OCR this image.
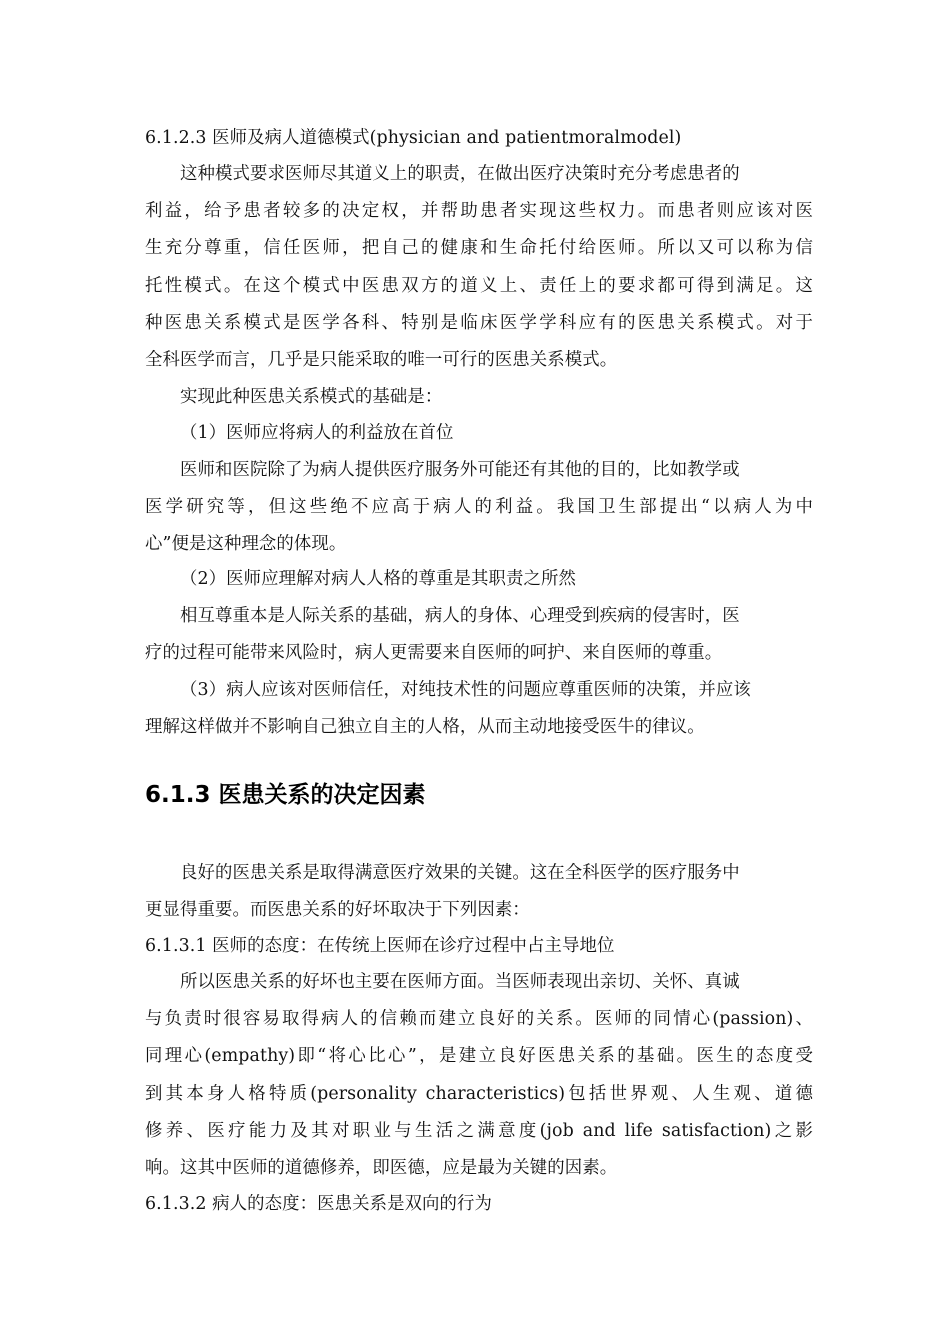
6.1.2.3 医师及病人道德模式(physician and patientmoralmodel)
这种模式要求医师尽其道义上的职责，在做出医疗决策时充分考虑患者的
利益，给予患者较多的决定权，并帮助患者实现这些权力。而患者则应该对医
生充分尊重，信任医师，把自己的健康和生命托付给医师。所以又可以称为信
托性模式。在这个模式中医患双方的道义上、责任上的要求都可得到满足。这
种医患关系模式是医学各科、特别是临床医学学科应有的医患关系模式。对于
全科医学而言，几乎是只能采取的唯一可行的医患关系模式。
实现此种医患关系模式的基础是：
（1）医师应将病人的利益放在首位
医师和医院除了为病人提供医疗服务外可能还有其他的目的，比如教学或
医学研究等，但这些绝不应高于病人的利益。我国卫生部提出“以病人为中
心”便是这种理念的体现。
（2）医师应理解对病人人格的尊重是其职责之所然
相互尊重本是人际关系的基础，病人的身体、心理受到疾病的侵害时，医
疗的过程可能带来风险时，病人更需要来自医师的呵护、来自医师的尊重。
（3）病人应该对医师信任，对纯技术性的问题应尊重医师的决策，并应该
理解这样做并不影响自己独立自主的人格，从而主动地接受医牛的律议。
6.1.3 医患关系的决定因素
良好的医患关系是取得满意医疗效果的关键。这在全科医学的医疗服务中
更显得重要。而医患关系的好坏取决于下列因素：
6.1.3.1 医师的态度：在传统上医师在诊疗过程中占主导地位
所以医患关系的好坏也主要在医师方面。当医师表现出亲切、关怀、真诚
与负责时很容易取得病人的信赖而建立良好的关系。医师的同情心(passion)、
同理心(empathy)即“将心比心”，是建立良好医患关系的基础。医生的态度受
到其本身人格特质(personality characteristics)包括世界观、人生观、道德
修养、医疗能力及其对职业与生活之满意度(job and life satisfaction)之影
响。这其中医师的道德修养，即医德，应是最为关键的因素。
6.1.3.2 病人的态度：医患关系是双向的行为
